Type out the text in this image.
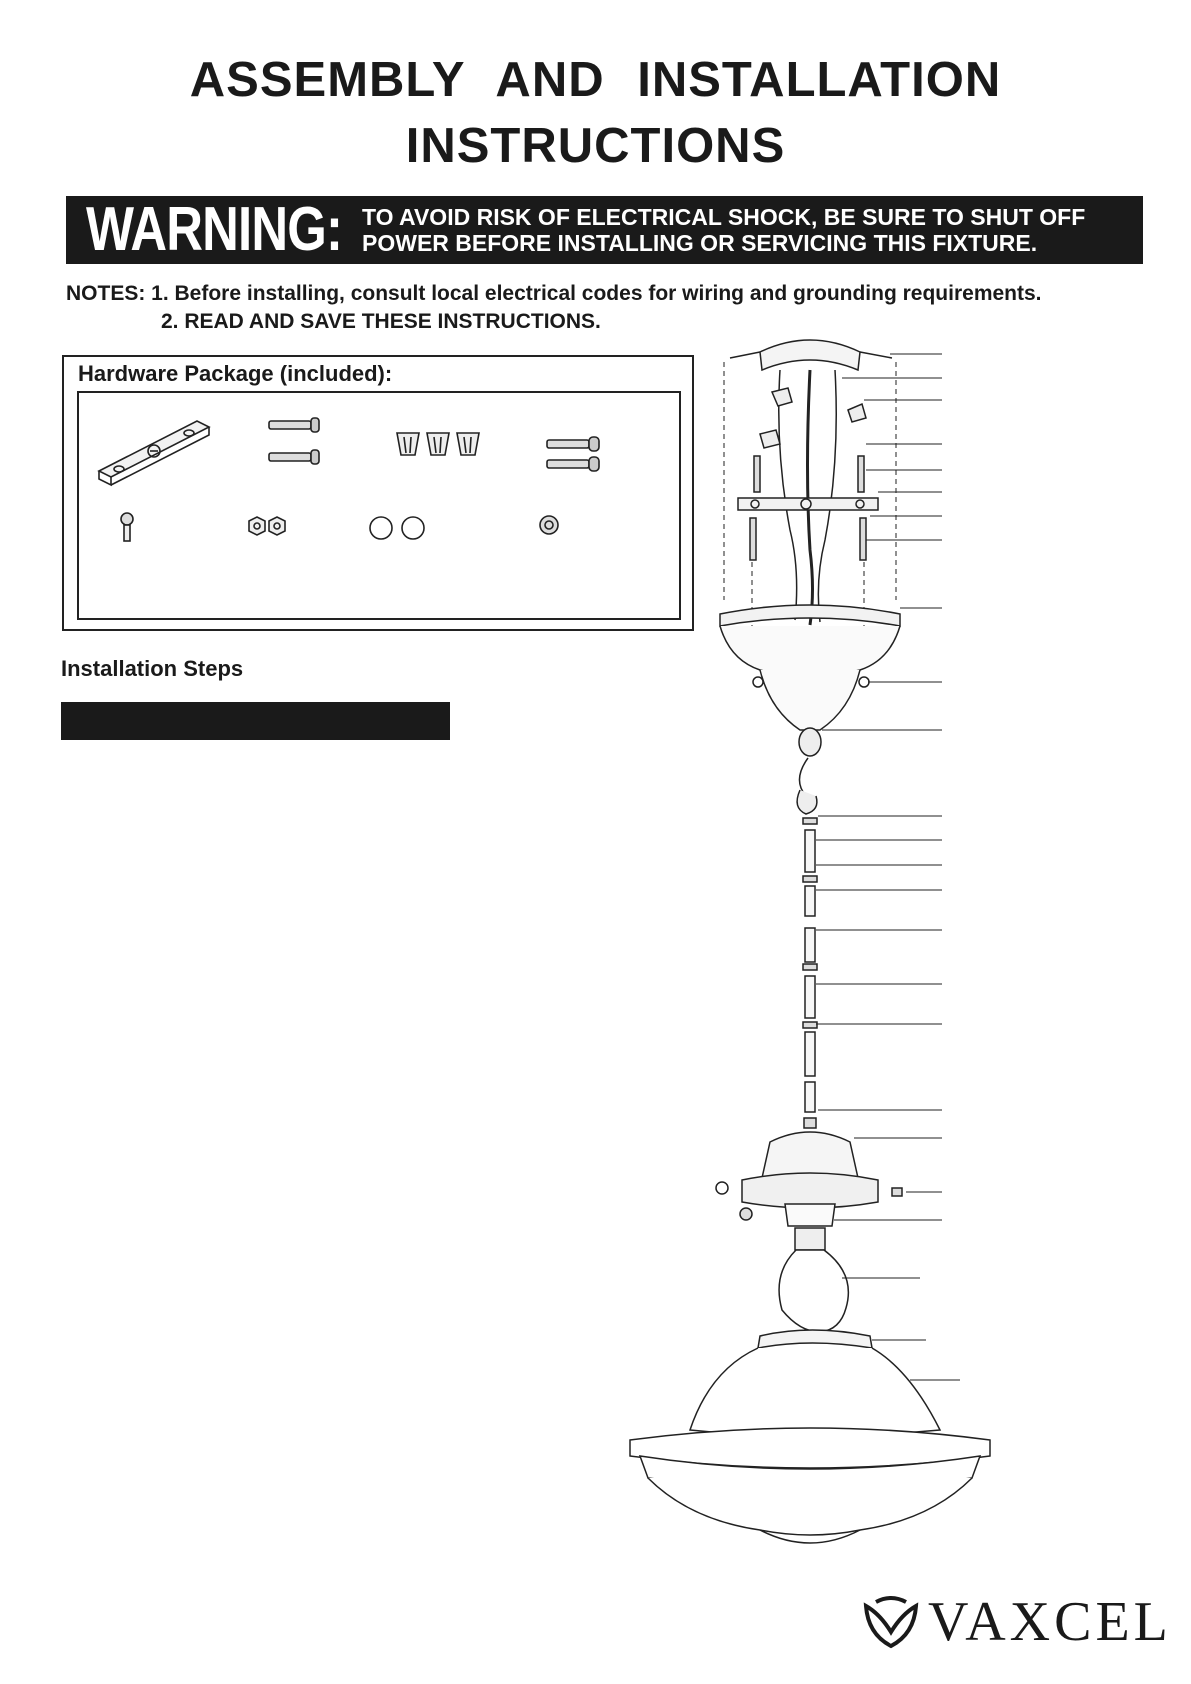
ASSEMBLY AND INSTALLATION
INSTRUCTIONS
WARNING: TO AVOID RISK OF ELECTRICAL SHOCK, BE SURE TO SHUT OFF
POWER BEFORE INSTALLING OR SERVICING THIS FIXTURE.
NOTES: 1. Before installing, consult local electrical codes for wiring and grounding requirements.
2. READ AND SAVE THESE INSTRUCTIONS.
Hardware Package (included):
Installation Steps
VAXCEL
